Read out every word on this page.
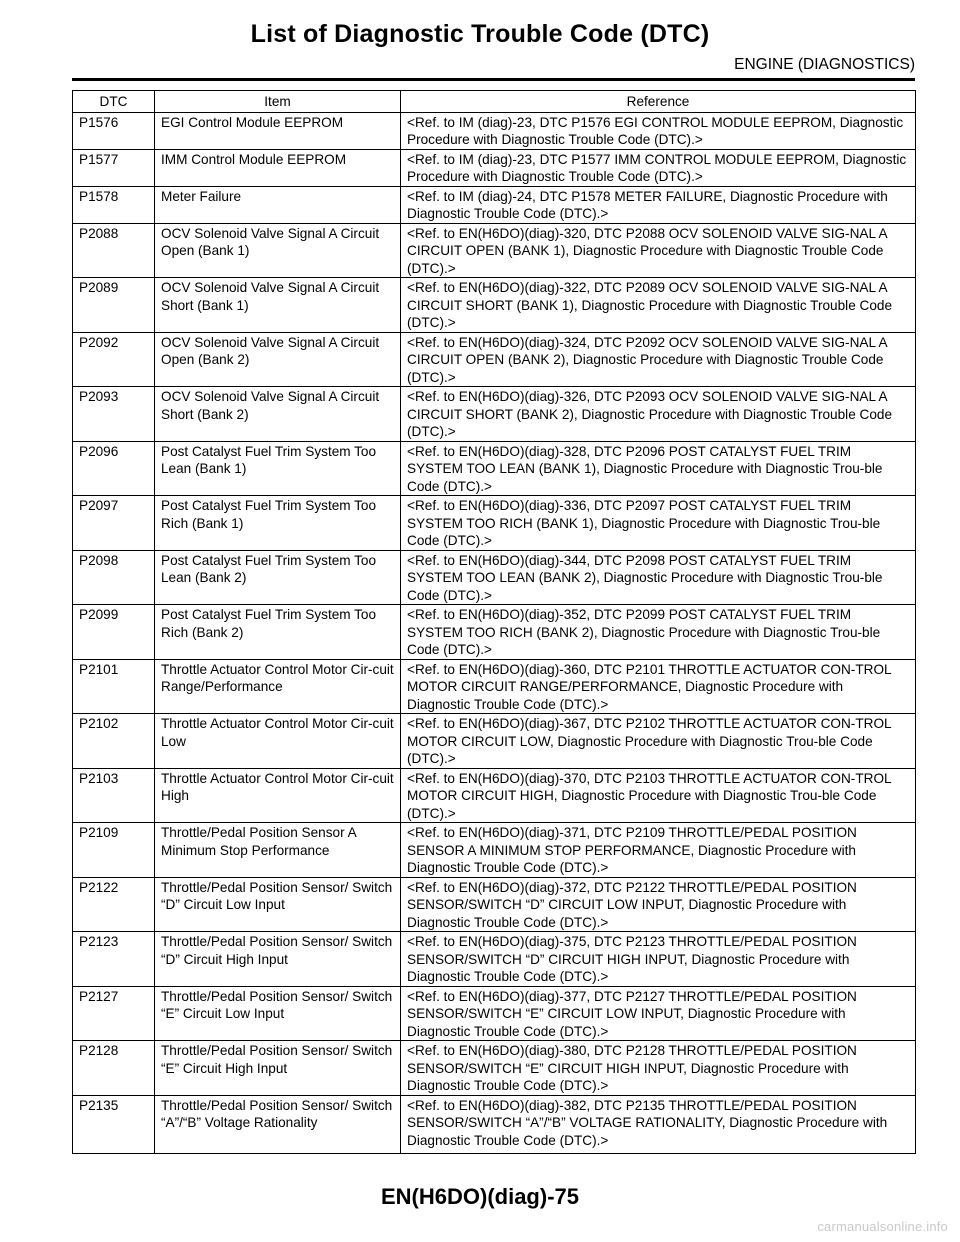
List of Diagnostic Trouble Code (DTC)
ENGINE (DIAGNOSTICS)
DTC	Item	Reference
P1576	EGI Control Module EEPROM	<Ref. to IM (diag)-23, DTC P1576 EGI CONTROL MODULE EEPROM, Diagnostic Procedure with Diagnostic Trouble Code (DTC).>
P1577	IMM Control Module EEPROM	<Ref. to IM (diag)-23, DTC P1577 IMM CONTROL MODULE EEPROM, Diagnostic Procedure with Diagnostic Trouble Code (DTC).>
P1578	Meter Failure	<Ref. to IM (diag)-24, DTC P1578 METER FAILURE, Diagnostic Procedure with Diagnostic Trouble Code (DTC).>
P2088	OCV Solenoid Valve Signal A Circuit Open (Bank 1)	<Ref. to EN(H6DO)(diag)-320, DTC P2088 OCV SOLENOID VALVE SIG-NAL A CIRCUIT OPEN (BANK 1), Diagnostic Procedure with Diagnostic Trouble Code (DTC).>
P2089	OCV Solenoid Valve Signal A Circuit Short (Bank 1)	<Ref. to EN(H6DO)(diag)-322, DTC P2089 OCV SOLENOID VALVE SIG-NAL A CIRCUIT SHORT (BANK 1), Diagnostic Procedure with Diagnostic Trouble Code (DTC).>
P2092	OCV Solenoid Valve Signal A Circuit Open (Bank 2)	<Ref. to EN(H6DO)(diag)-324, DTC P2092 OCV SOLENOID VALVE SIG-NAL A CIRCUIT OPEN (BANK 2), Diagnostic Procedure with Diagnostic Trouble Code (DTC).>
P2093	OCV Solenoid Valve Signal A Circuit Short (Bank 2)	<Ref. to EN(H6DO)(diag)-326, DTC P2093 OCV SOLENOID VALVE SIG-NAL A CIRCUIT SHORT (BANK 2), Diagnostic Procedure with Diagnostic Trouble Code (DTC).>
P2096	Post Catalyst Fuel Trim System Too Lean (Bank 1)	<Ref. to EN(H6DO)(diag)-328, DTC P2096 POST CATALYST FUEL TRIM SYSTEM TOO LEAN (BANK 1), Diagnostic Procedure with Diagnostic Trou-ble Code (DTC).>
P2097	Post Catalyst Fuel Trim System Too Rich (Bank 1)	<Ref. to EN(H6DO)(diag)-336, DTC P2097 POST CATALYST FUEL TRIM SYSTEM TOO RICH (BANK 1), Diagnostic Procedure with Diagnostic Trou-ble Code (DTC).>
P2098	Post Catalyst Fuel Trim System Too Lean (Bank 2)	<Ref. to EN(H6DO)(diag)-344, DTC P2098 POST CATALYST FUEL TRIM SYSTEM TOO LEAN (BANK 2), Diagnostic Procedure with Diagnostic Trou-ble Code (DTC).>
P2099	Post Catalyst Fuel Trim System Too Rich (Bank 2)	<Ref. to EN(H6DO)(diag)-352, DTC P2099 POST CATALYST FUEL TRIM SYSTEM TOO RICH (BANK 2), Diagnostic Procedure with Diagnostic Trou-ble Code (DTC).>
P2101	Throttle Actuator Control Motor Cir-cuit Range/Performance	<Ref. to EN(H6DO)(diag)-360, DTC P2101 THROTTLE ACTUATOR CON-TROL MOTOR CIRCUIT RANGE/PERFORMANCE, Diagnostic Procedure with Diagnostic Trouble Code (DTC).>
P2102	Throttle Actuator Control Motor Cir-cuit Low	<Ref. to EN(H6DO)(diag)-367, DTC P2102 THROTTLE ACTUATOR CON-TROL MOTOR CIRCUIT LOW, Diagnostic Procedure with Diagnostic Trou-ble Code (DTC).>
P2103	Throttle Actuator Control Motor Cir-cuit High	<Ref. to EN(H6DO)(diag)-370, DTC P2103 THROTTLE ACTUATOR CON-TROL MOTOR CIRCUIT HIGH, Diagnostic Procedure with Diagnostic Trou-ble Code (DTC).>
P2109	Throttle/Pedal Position Sensor A Minimum Stop Performance	<Ref. to EN(H6DO)(diag)-371, DTC P2109 THROTTLE/PEDAL POSITION SENSOR A MINIMUM STOP PERFORMANCE, Diagnostic Procedure with Diagnostic Trouble Code (DTC).>
P2122	Throttle/Pedal Position Sensor/ Switch “D” Circuit Low Input	<Ref. to EN(H6DO)(diag)-372, DTC P2122 THROTTLE/PEDAL POSITION SENSOR/SWITCH “D” CIRCUIT LOW INPUT, Diagnostic Procedure with Diagnostic Trouble Code (DTC).>
P2123	Throttle/Pedal Position Sensor/ Switch “D” Circuit High Input	<Ref. to EN(H6DO)(diag)-375, DTC P2123 THROTTLE/PEDAL POSITION SENSOR/SWITCH “D” CIRCUIT HIGH INPUT, Diagnostic Procedure with Diagnostic Trouble Code (DTC).>
P2127	Throttle/Pedal Position Sensor/ Switch “E” Circuit Low Input	<Ref. to EN(H6DO)(diag)-377, DTC P2127 THROTTLE/PEDAL POSITION SENSOR/SWITCH “E” CIRCUIT LOW INPUT, Diagnostic Procedure with Diagnostic Trouble Code (DTC).>
P2128	Throttle/Pedal Position Sensor/ Switch “E” Circuit High Input	<Ref. to EN(H6DO)(diag)-380, DTC P2128 THROTTLE/PEDAL POSITION SENSOR/SWITCH “E” CIRCUIT HIGH INPUT, Diagnostic Procedure with Diagnostic Trouble Code (DTC).>
P2135	Throttle/Pedal Position Sensor/ Switch “A”/“B” Voltage Rationality	<Ref. to EN(H6DO)(diag)-382, DTC P2135 THROTTLE/PEDAL POSITION SENSOR/SWITCH “A”/“B” VOLTAGE RATIONALITY, Diagnostic Procedure with Diagnostic Trouble Code (DTC).>
EN(H6DO)(diag)-75
carmanualsonline.info
